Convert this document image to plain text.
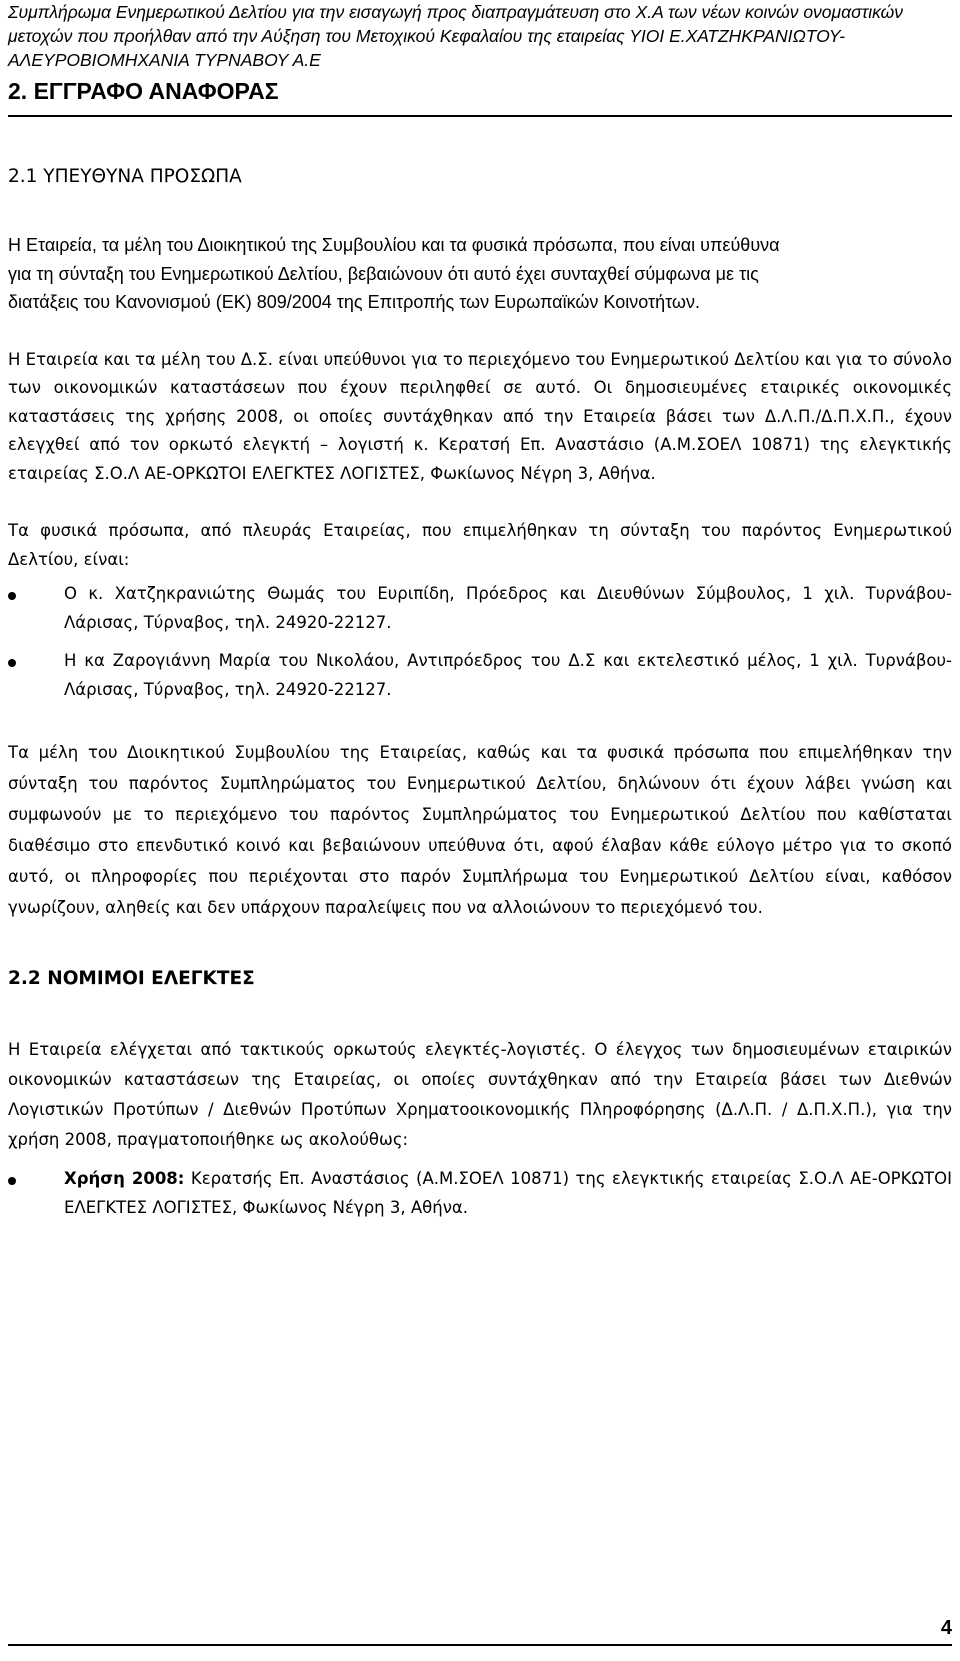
Συμπλήρωμα Ενημερωτικού Δελτίου για την εισαγωγή προς διαπραγμάτευση στο Χ.Α των νέων κοινών ονομαστικών
μετοχών που προήλθαν από την Αύξηση του Μετοχικού Κεφαλαίου της εταιρείας ΥΙΟΙ Ε.ΧΑΤΖΗΚΡΑΝΙΩΤΟΥ-
ΑΛΕΥΡΟΒΙΟΜΗΧΑΝΙΑ ΤΥΡΝΑΒΟΥ Α.Ε
2. ΕΓΓΡΑΦΟ ΑΝΑΦΟΡΑΣ
2.1 ΥΠΕΥΘΥΝΑ ΠΡΟΣΩΠΑ

Η Εταιρεία, τα μέλη του Διοικητικού της Συμβουλίου και τα φυσικά πρόσωπα, που είναι υπεύθυνα

για τη σύνταξη του Ενημερωτικού Δελτίου, βεβαιώνουν ότι αυτό έχει συνταχθεί σύμφωνα με τις

διατάξεις του Κανονισμού (ΕΚ) 809/2004 της Επιτροπής των Ευρωπαϊκών Κοινοτήτων.

Η Εταιρεία και τα μέλη του Δ.Σ. είναι υπεύθυνοι για το περιεχόμενο του Ενημερωτικού Δελτίου και για το σύνολο των οικονομικών καταστάσεων που έχουν περιληφθεί σε αυτό. Οι δημοσιευμένες εταιρικές οικονομικές καταστάσεις της χρήσης 2008, οι οποίες συντάχθηκαν από την Εταιρεία βάσει των Δ.Λ.Π./Δ.Π.Χ.Π., έχουν ελεγχθεί από τον ορκωτό ελεγκτή – λογιστή κ. Κερατσή Επ. Αναστάσιο (Α.Μ.ΣΟΕΛ 10871) της ελεγκτικής εταιρείας Σ.Ο.Λ ΑΕ-ΟΡΚΩΤΟΙ ΕΛΕΓΚΤΕΣ ΛΟΓΙΣΤΕΣ, Φωκίωνος Νέγρη 3, Αθήνα.

Τα φυσικά πρόσωπα, από πλευράς Εταιρείας, που επιμελήθηκαν τη σύνταξη του παρόντος Ενημερωτικού Δελτίου, είναι:

Ο κ. Χατζηκρανιώτης Θωμάς του Ευριπίδη, Πρόεδρος και Διευθύνων Σύμβουλος, 1 χιλ. Τυρνάβου-Λάρισας, Τύρναβος, τηλ. 24920-22127.
Η κα Ζαρογιάννη Μαρία του Νικολάου, Αντιπρόεδρος του Δ.Σ και εκτελεστικό μέλος, 1 χιλ. Τυρνάβου-Λάρισας, Τύρναβος, τηλ. 24920-22127.

Τα μέλη του Διοικητικού Συμβουλίου της Εταιρείας, καθώς και τα φυσικά πρόσωπα που επιμελήθηκαν την σύνταξη του παρόντος Συμπληρώματος του Ενημερωτικού Δελτίου, δηλώνουν ότι έχουν λάβει γνώση και συμφωνούν με το περιεχόμενο του παρόντος Συμπληρώματος του Ενημερωτικού Δελτίου που καθίσταται διαθέσιμο στο επενδυτικό κοινό και βεβαιώνουν υπεύθυνα ότι, αφού έλαβαν κάθε εύλογο μέτρο για το σκοπό αυτό, οι πληροφορίες που περιέχονται στο παρόν Συμπλήρωμα του Ενημερωτικού Δελτίου είναι, καθόσον γνωρίζουν, αληθείς και δεν υπάρχουν παραλείψεις που να αλλοιώνουν το περιεχόμενό του.

2.2 ΝΟΜΙΜΟΙ ΕΛΕΓΚΤΕΣ

Η Εταιρεία ελέγχεται από τακτικούς ορκωτούς ελεγκτές-λογιστές. Ο έλεγχος των δημοσιευμένων εταιρικών οικονομικών καταστάσεων της Εταιρείας, οι οποίες συντάχθηκαν από την Εταιρεία βάσει των Διεθνών Λογιστικών Προτύπων / Διεθνών Προτύπων Χρηματοοικονομικής Πληροφόρησης (Δ.Λ.Π. / Δ.Π.Χ.Π.), για την χρήση 2008, πραγματοποιήθηκε ως ακολούθως:

Χρήση 2008: Κερατσής Επ. Αναστάσιος (Α.Μ.ΣΟΕΛ 10871) της ελεγκτικής εταιρείας Σ.Ο.Λ ΑΕ-ΟΡΚΩΤΟΙ ΕΛΕΓΚΤΕΣ ΛΟΓΙΣΤΕΣ, Φωκίωνος Νέγρη 3, Αθήνα.
4
